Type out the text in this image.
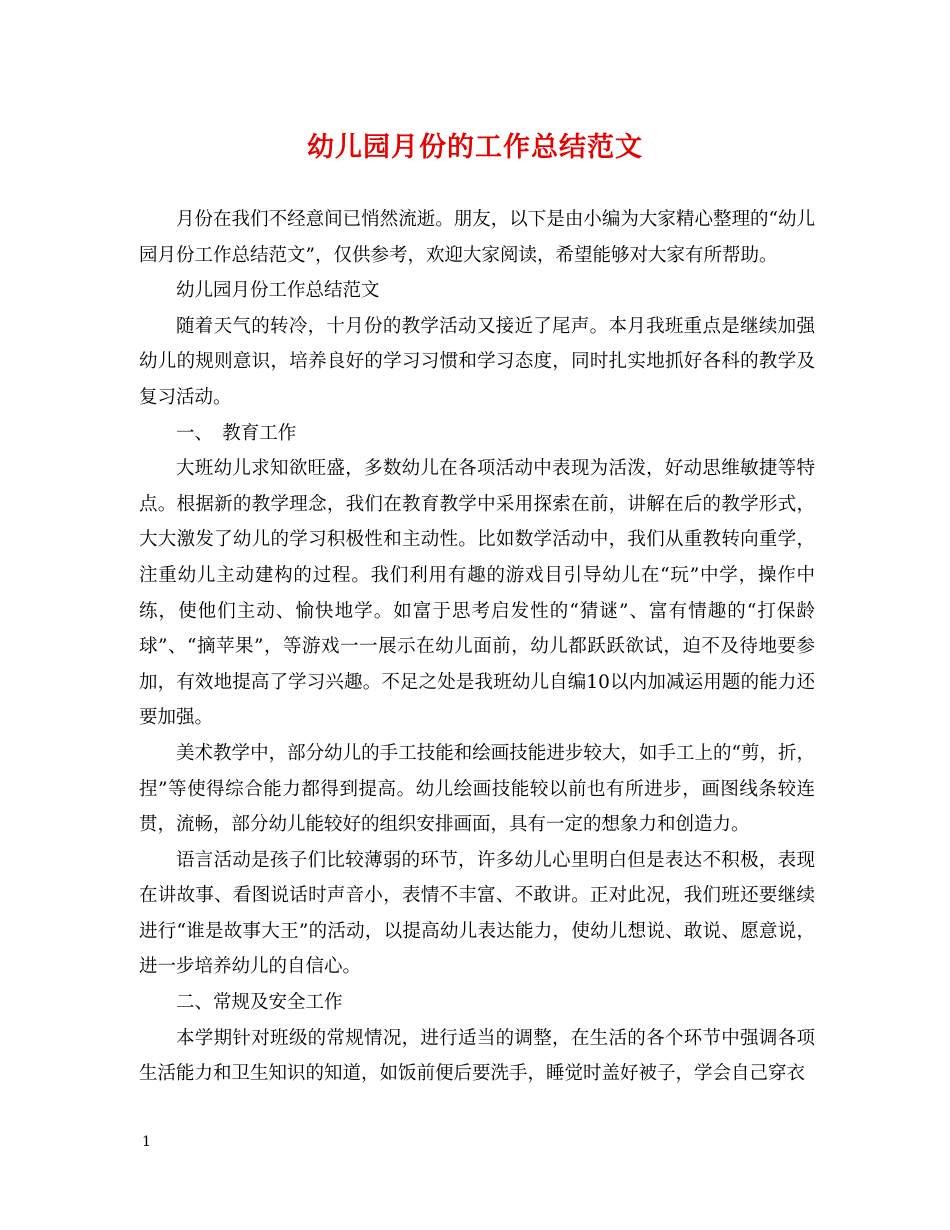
幼儿园月份的工作总结范文

月份在我们不经意间已悄然流逝。朋友，以下是由小编为大家精心整理的“幼儿园月份工作总结范文”，仅供参考，欢迎大家阅读，希望能够对大家有所帮助。

幼儿园月份工作总结范文

随着天气的转冷，十月份的教学活动又接近了尾声。本月我班重点是继续加强幼儿的规则意识，培养良好的学习习惯和学习态度，同时扎实地抓好各科的教学及复习活动。

一、　教育工作

大班幼儿求知欲旺盛，多数幼儿在各项活动中表现为活泼，好动思维敏捷等特点。根据新的教学理念，我们在教育教学中采用探索在前，讲解在后的教学形式，大大激发了幼儿的学习积极性和主动性。比如数学活动中，我们从重教转向重学，注重幼儿主动建构的过程。我们利用有趣的游戏目引导幼儿在“玩”中学，操作中练，使他们主动、愉快地学。如富于思考启发性的“猜谜”、富有情趣的“打保龄球”、“摘苹果”，等游戏一一展示在幼儿面前，幼儿都跃跃欲试，迫不及待地要参加，有效地提高了学习兴趣。不足之处是我班幼儿自编10以内加减运用题的能力还要加强。

美术教学中，部分幼儿的手工技能和绘画技能进步较大，如手工上的“剪，折，捏”等使得综合能力都得到提高。幼儿绘画技能较以前也有所进步，画图线条较连贯，流畅，部分幼儿能较好的组织安排画面，具有一定的想象力和创造力。

语言活动是孩子们比较薄弱的环节，许多幼儿心里明白但是表达不积极，表现在讲故事、看图说话时声音小，表情不丰富、不敢讲。正对此况，我们班还要继续进行“谁是故事大王”的活动，以提高幼儿表达能力，使幼儿想说、敢说、愿意说，进一步培养幼儿的自信心。

二、常规及安全工作

本学期针对班级的常规情况，进行适当的调整，在生活的各个环节中强调各项生活能力和卫生知识的知道，如饭前便后要洗手，睡觉时盖好被子，学会自己穿衣

1
